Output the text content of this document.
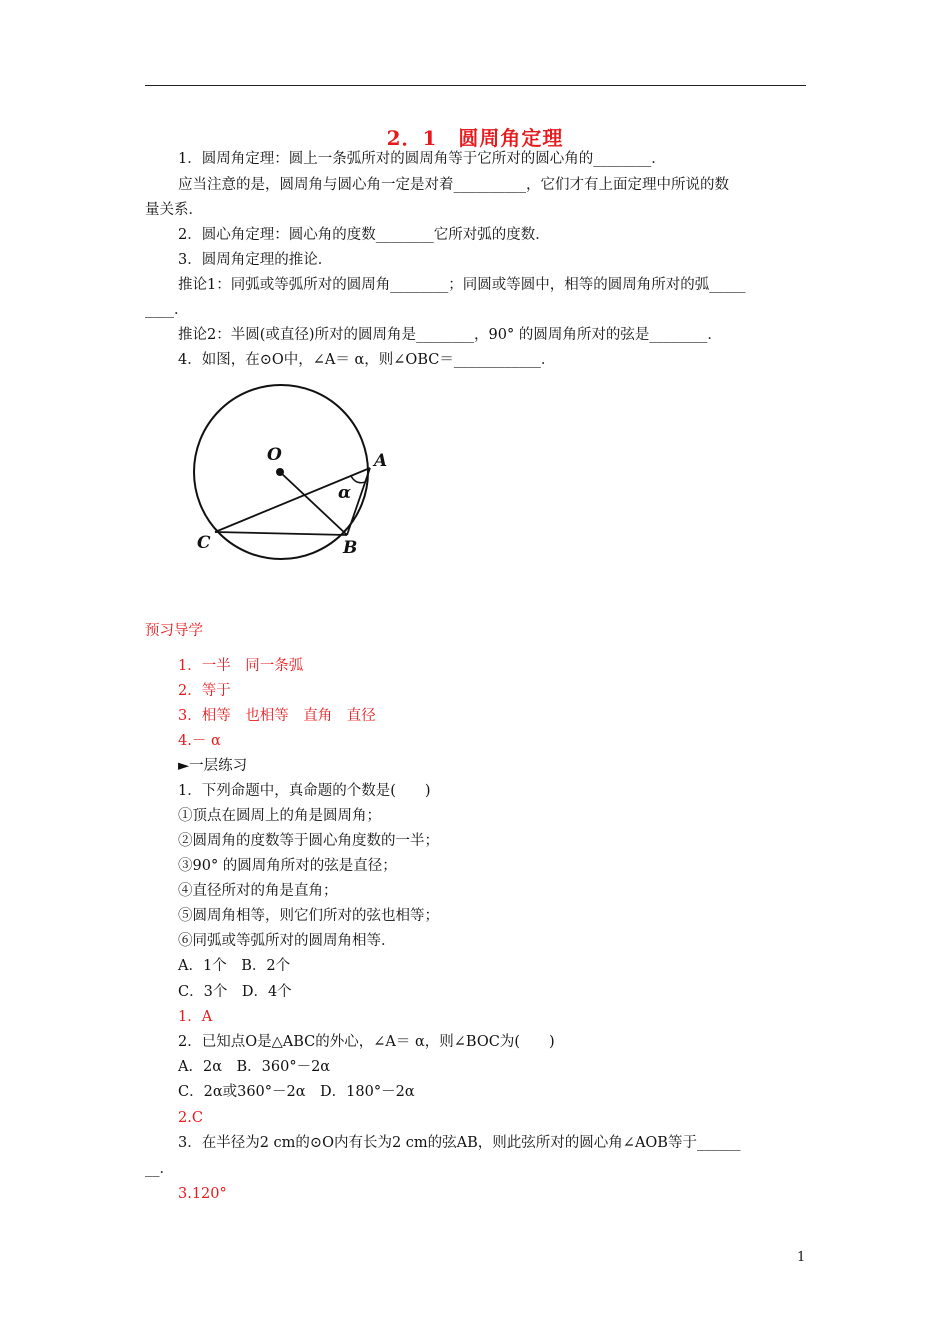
2．1　圆周角定理
1．圆周角定理：圆上一条弧所对的圆周角等于它所对的圆心角的________．
应当注意的是，圆周角与圆心角一定是对着__________，它们才有上面定理中所说的数
量关系．
2．圆心角定理：圆心角的度数________它所对弧的度数．
3．圆周角定理的推论．
推论1：同弧或等弧所对的圆周角________；同圆或等圆中，相等的圆周角所对的弧_____
____．
推论2：半圆(或直径)所对的圆周角是________，90° 的圆周角所对的弦是________．
4．如图，在⊙O中，∠A＝ α，则∠OBC＝____________．
O	A
B
C
α
预习导学
1．一半　同一条弧
2．等于
3．相等　也相等　直角　直径
4.－ α
►一层练习
1．下列命题中，真命题的个数是(　　)
①顶点在圆周上的角是圆周角；
②圆周角的度数等于圆心角度数的一半；
③90° 的圆周角所对的弦是直径；
④直径所对的角是直角；
⑤圆周角相等，则它们所对的弦也相等；
⑥同弧或等弧所对的圆周角相等．
A．1个　B．2个
C．3个　D．4个
1．A
2．已知点O是△ABC的外心，∠A＝ α，则∠BOC为(　　)
A．2α　B．360°－2α
C．2α或360°－2α　D．180°－2α
2.C
3．在半径为2 cm的⊙O内有长为2 cm的弦AB，则此弦所对的圆心角∠AOB等于______
__．
3.120°
1
